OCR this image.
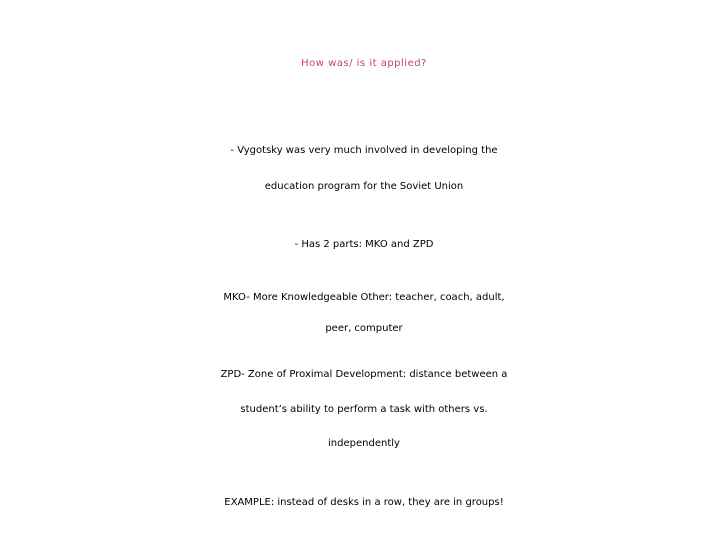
How was/ is it applied?
- Vygotsky was very much involved in developing the
education program for the Soviet Union
- Has 2 parts: MKO and ZPD
MKO- More Knowledgeable Other: teacher, coach, adult,
peer, computer
ZPD- Zone of Proximal Development: distance between a
student’s ability to perform a task with others vs.
independently
EXAMPLE: instead of desks in a row, they are in groups!
